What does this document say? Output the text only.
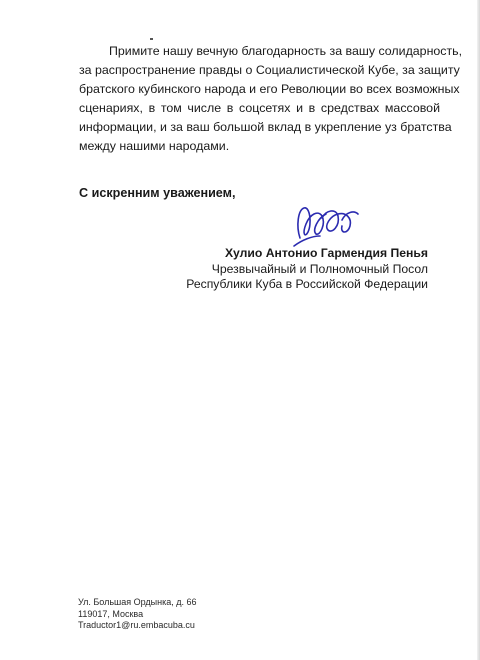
Примите нашу вечную благодарность за вашу солидарность,
за распространение правды о Социалистической Кубе, за защиту
братского кубинского народа и его Революции во всех возможных
сценариях, в том числе в соцсетях и в средствах массовой
информации, и за ваш большой вклад в укрепление уз братства
между нашими народами.
С искренним уважением,
Хулио Антонио Гармендия Пенья
Чрезвычайный и Полномочный Посол
Республики Куба в Российской Федерации
Ул. Большая Ордынка, д. 66
119017, Москва
Traductor1@ru.embacuba.cu
